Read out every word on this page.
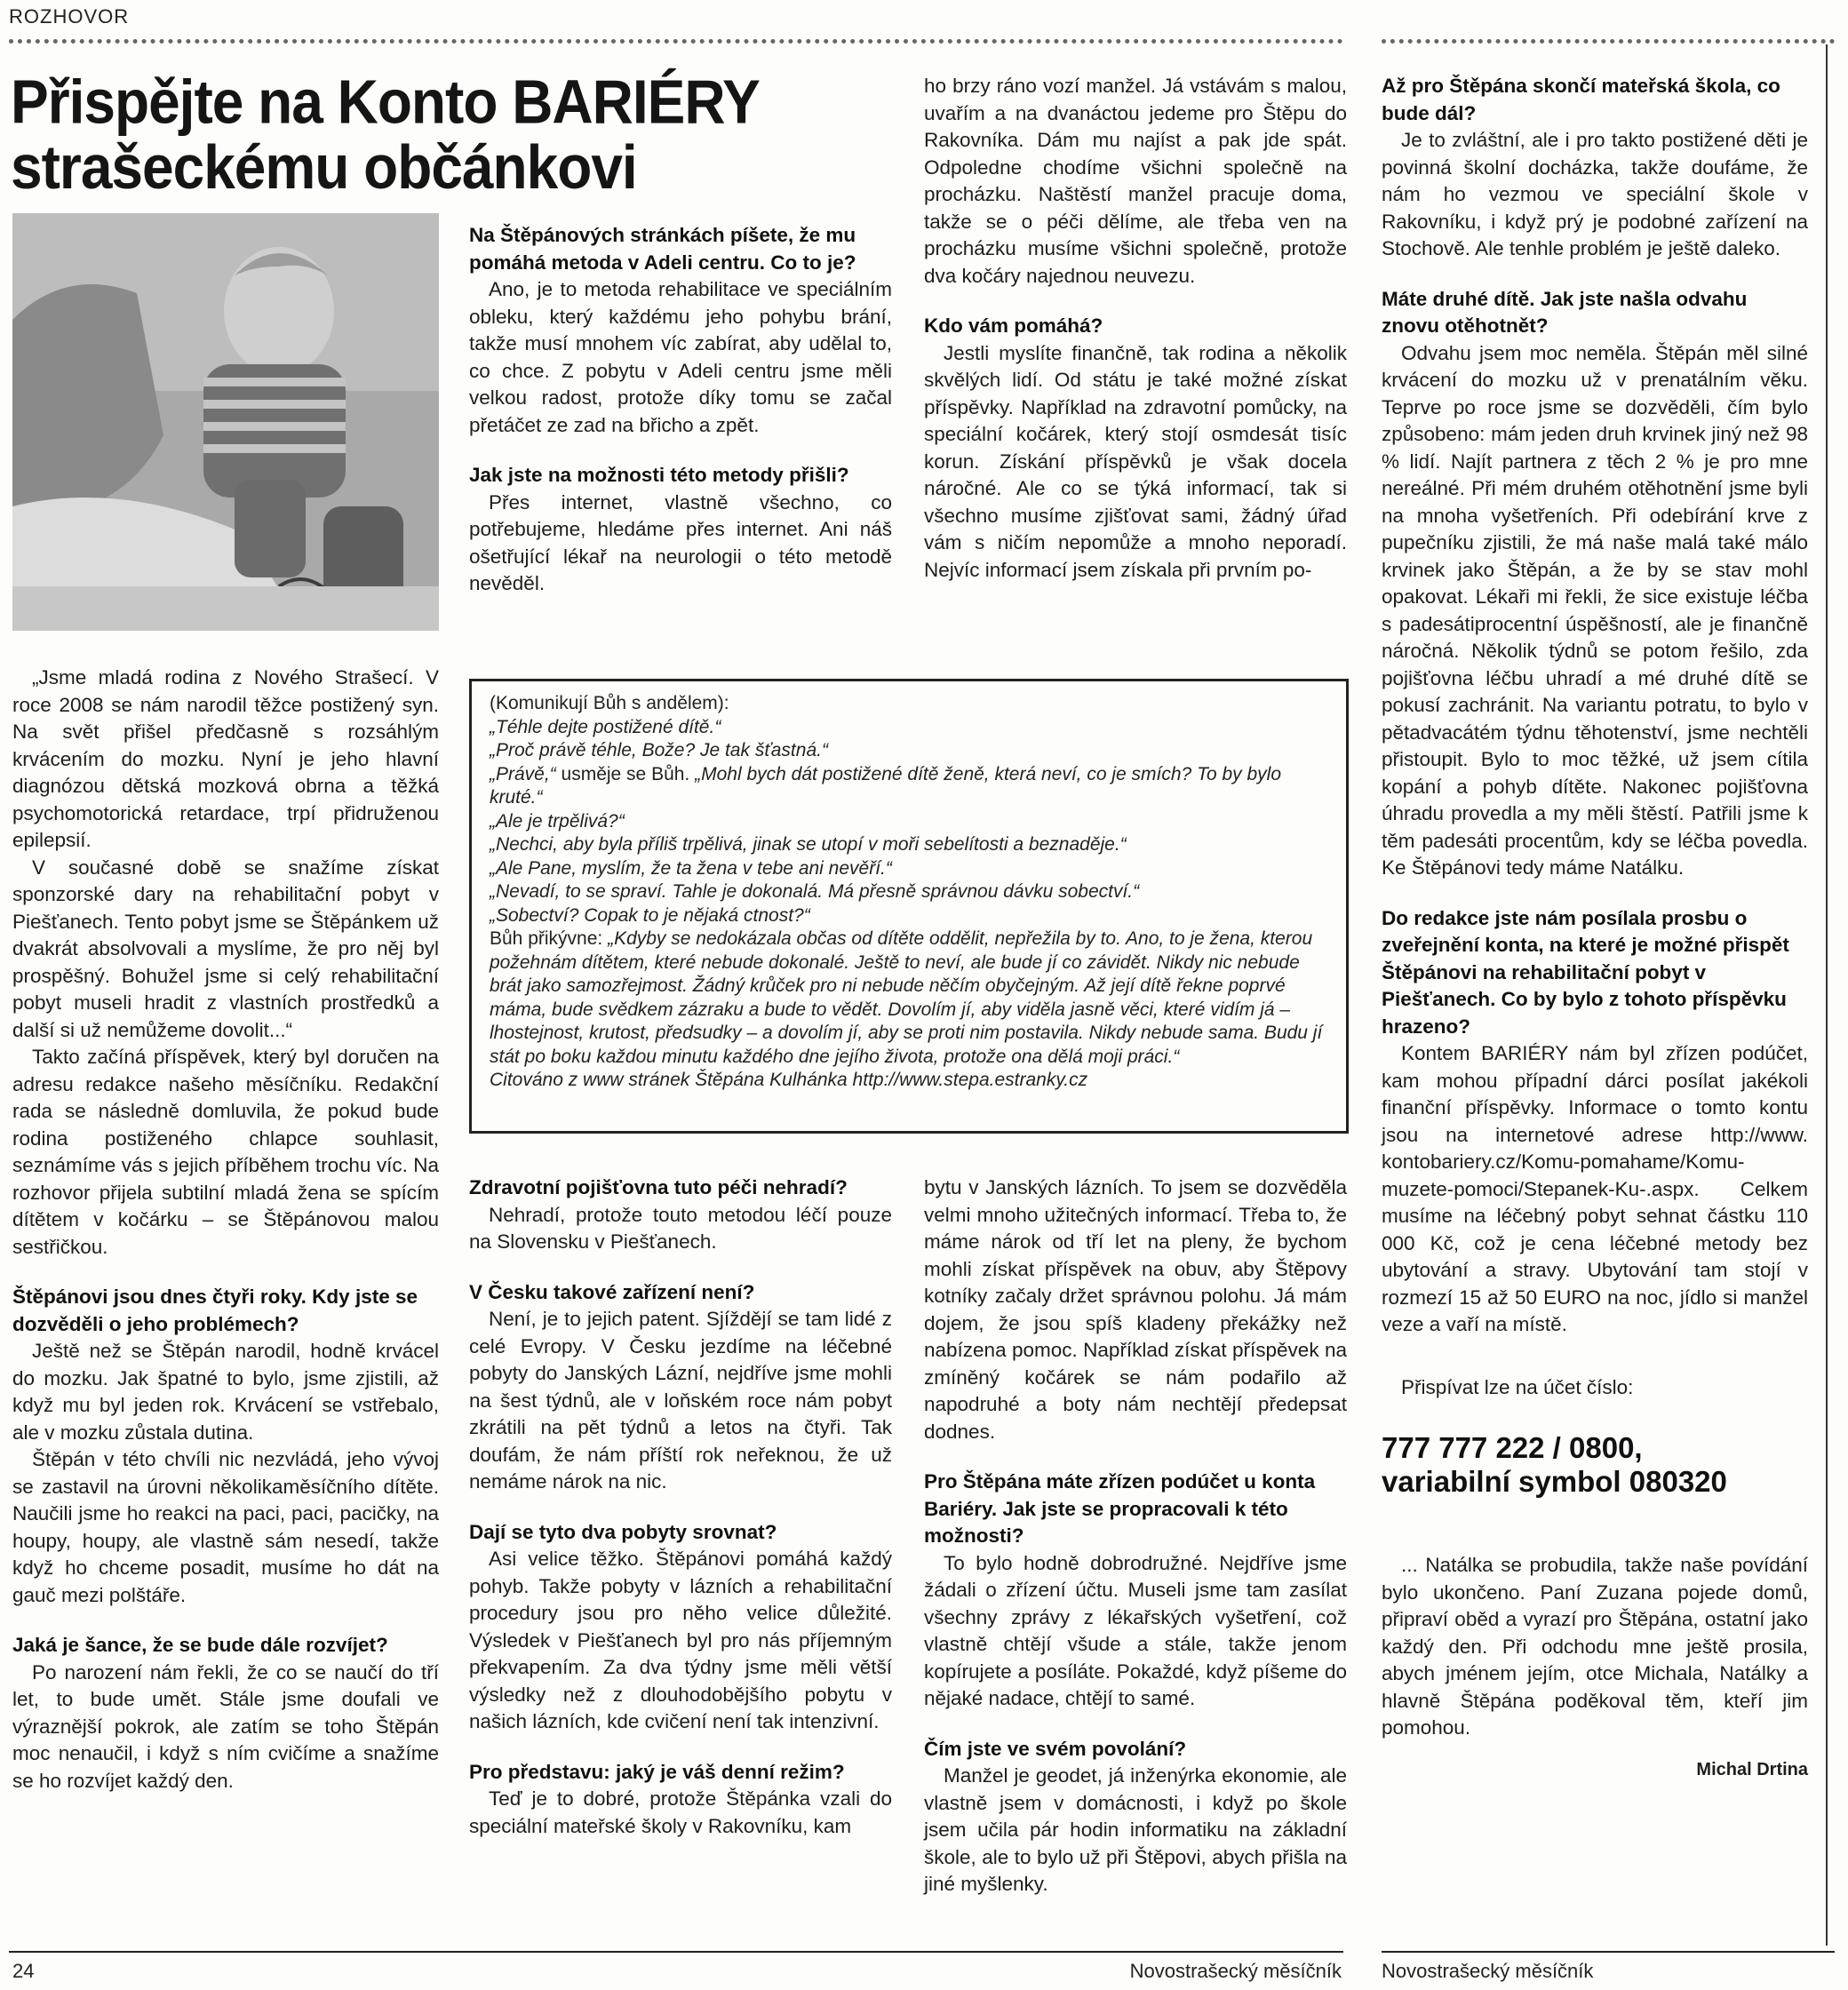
ROZHOVOR
Přispějte na Konto BARIÉRY
strašeckému občánkovi

„Jsme mladá rodina z Nového Strašecí. V roce 2008 se nám narodil těžce postižený syn. Na svět přišel předčasně s rozsáhlým krvácením do mozku. Nyní je jeho hlavní diagnózou dětská mozková obrna a těžká psychomotorická retardace, trpí přidruženou epilepsií.

V současné době se snažíme získat sponzorské dary na rehabilitační pobyt v Piešťanech. Tento pobyt jsme se Štěpánkem už dvakrát absolvovali a myslíme, že pro něj byl prospěšný. Bohužel jsme si celý rehabilitační pobyt museli hradit z vlastních prostředků a další si už nemůžeme dovolit...“

Takto začíná příspěvek, který byl doručen na adresu redakce našeho měsíčníku. Redakční rada se následně domluvila, že pokud bude rodina postiženého chlapce souhlasit, seznámíme vás s jejich příběhem trochu víc. Na rozhovor přijela subtilní mladá žena se spícím dítětem v kočárku – se Štěpánovou malou sestřičkou.

Štěpánovi jsou dnes čtyři roky. Kdy jste se dozvěděli o jeho problémech?

Ještě než se Štěpán narodil, hodně krvácel do mozku. Jak špatné to bylo, jsme zjistili, až když mu byl jeden rok. Krvácení se vstřebalo, ale v mozku zůstala dutina.

Štěpán v této chvíli nic nezvládá, jeho vývoj se zastavil na úrovni několikaměsíčního dítěte. Naučili jsme ho reakci na paci, paci, pacičky, na houpy, houpy, ale vlastně sám nesedí, takže když ho chceme posadit, musíme ho dát na gauč mezi polštáře.

Jaká je šance, že se bude dále rozvíjet?

Po narození nám řekli, že co se naučí do tří let, to bude umět. Stále jsme doufali ve výraznější pokrok, ale zatím se toho Štěpán moc nenaučil, i když s ním cvičíme a snažíme se ho rozvíjet každý den.

Na Štěpánových stránkách píšete, že mu pomáhá metoda v Adeli centru. Co to je?

Ano, je to metoda rehabilitace ve speciálním obleku, který každému jeho pohybu brání, takže musí mnohem víc zabírat, aby udělal to, co chce. Z pobytu v Adeli centru jsme měli velkou radost, protože díky tomu se začal přetáčet ze zad na břicho a zpět.

Jak jste na možnosti této metody přišli?

Přes internet, vlastně všechno, co potřebujeme, hledáme přes internet. Ani náš ošetřující lékař na neurologii o této metodě nevěděl.

ho brzy ráno vozí manžel. Já vstávám s malou, uvařím a na dvanáctou jedeme pro Štěpu do Rakovníka. Dám mu najíst a pak jde spát. Odpoledne chodíme všichni společně na procházku. Naštěstí manžel pracuje doma, takže se o péči dělíme, ale třeba ven na procházku musíme všichni společně, protože dva kočáry najednou neuvezu.

Kdo vám pomáhá?

Jestli myslíte finančně, tak rodina a několik skvělých lidí. Od státu je také možné získat příspěvky. Například na zdravotní pomůcky, na speciální kočárek, který stojí osmdesát tisíc korun. Získání příspěvků je však docela náročné. Ale co se týká informací, tak si všechno musíme zjišťovat sami, žádný úřad vám s ničím nepomůže a mnoho neporadí. Nejvíc informací jsem získala při prvním po-

(Komunikují Bůh s andělem):

„Téhle dejte postižené dítě.“

„Proč právě téhle, Bože? Je tak šťastná.“

„Právě,“ usměje se Bůh. „Mohl bych dát postižené dítě ženě, která neví, co je smích? To by bylo kruté.“

„Ale je trpělivá?“

„Nechci, aby byla příliš trpělivá, jinak se utopí v moři sebelítosti a beznaděje.“

„Ale Pane, myslím, že ta žena v tebe ani nevěří.“

„Nevadí, to se spraví. Tahle je dokonalá. Má přesně správnou dávku sobectví.“

„Sobectví? Copak to je nějaká ctnost?“

Bůh přikývne: „Kdyby se nedokázala občas od dítěte oddělit, nepřežila by to. Ano, to je žena, kterou požehnám dítětem, které nebude dokonalé. Ještě to neví, ale bude jí co závidět. Nikdy nic nebude brát jako samozřejmost. Žádný krůček pro ni nebude něčím obyčejným. Až její dítě řekne poprvé máma, bude svědkem zázraku a bude to vědět. Dovolím jí, aby viděla jasně věci, které vidím já – lhostejnost, krutost, předsudky – a dovolím jí, aby se proti nim postavila. Nikdy nebude sama. Budu jí stát po boku každou minutu každého dne jejího života, protože ona dělá moji práci.“

Citováno z www stránek Štěpána Kulhánka http://www.stepa.estranky.cz

Zdravotní pojišťovna tuto péči nehradí?

Nehradí, protože touto metodou léčí pouze na Slovensku v Piešťanech.

V Česku takové zařízení není?

Není, je to jejich patent. Sjíždějí se tam lidé z celé Evropy. V Česku jezdíme na léčebné pobyty do Janských Lázní, nejdříve jsme mohli na šest týdnů, ale v loňském roce nám pobyt zkrátili na pět týdnů a letos na čtyři. Tak doufám, že nám příští rok neřeknou, že už nemáme nárok na nic.

Dají se tyto dva pobyty srovnat?

Asi velice těžko. Štěpánovi pomáhá každý pohyb. Takže pobyty v lázních a rehabilitační procedury jsou pro něho velice důležité. Výsledek v Piešťanech byl pro nás příjemným překvapením. Za dva týdny jsme měli větší výsledky než z dlouhodobějšího pobytu v našich lázních, kde cvičení není tak intenzivní.

Pro představu: jaký je váš denní režim?

Teď je to dobré, protože Štěpánka vzali do speciální mateřské školy v Rakovníku, kam

bytu v Janských lázních. To jsem se dozvěděla velmi mnoho užitečných informací. Třeba to, že máme nárok od tří let na pleny, že bychom mohli získat příspěvek na obuv, aby Štěpovy kotníky začaly držet správnou polohu. Já mám dojem, že jsou spíš kladeny překážky než nabízena pomoc. Například získat příspěvek na zmíněný kočárek se nám podařilo až napodruhé a boty nám nechtějí předepsat dodnes.

Pro Štěpána máte zřízen podúčet u konta Bariéry. Jak jste se propracovali k této možnosti?

To bylo hodně dobrodružné. Nejdříve jsme žádali o zřízení účtu. Museli jsme tam zasílat všechny zprávy z lékařských vyšetření, což vlastně chtějí všude a stále, takže jenom kopírujete a posíláte. Pokaždé, když píšeme do nějaké nadace, chtějí to samé.

Čím jste ve svém povolání?

Manžel je geodet, já inženýrka ekonomie, ale vlastně jsem v domácnosti, i když po škole jsem učila pár hodin informatiku na základní škole, ale to bylo už při Štěpovi, abych přišla na jiné myšlenky.

Až pro Štěpána skončí mateřská škola, co bude dál?

Je to zvláštní, ale i pro takto postižené děti je povinná školní docházka, takže doufáme, že nám ho vezmou ve speciální škole v Rakovníku, i když prý je podobné zařízení na Stochově. Ale tenhle problém je ještě daleko.

Máte druhé dítě. Jak jste našla odvahu znovu otěhotnět?

Odvahu jsem moc neměla. Štěpán měl silné krvácení do mozku už v prenatálním věku. Teprve po roce jsme se dozvěděli, čím bylo způsobeno: mám jeden druh krvinek jiný než 98 % lidí. Najít partnera z těch 2 % je pro mne nereálné. Při mém druhém otěhotnění jsme byli na mnoha vyšetřeních. Při odebírání krve z pupečníku zjistili, že má naše malá také málo krvinek jako Štěpán, a že by se stav mohl opakovat. Lékaři mi řekli, že sice existuje léčba s padesátiprocentní úspěšností, ale je finančně náročná. Několik týdnů se potom řešilo, zda pojišťovna léčbu uhradí a mé druhé dítě se pokusí zachránit. Na variantu potratu, to bylo v pětadvacátém týdnu těhotenství, jsme nechtěli přistoupit. Bylo to moc těžké, už jsem cítila kopání a pohyb dítěte. Nakonec pojišťovna úhradu provedla a my měli štěstí. Patřili jsme k těm padesáti procentům, kdy se léčba povedla. Ke Štěpánovi tedy máme Natálku.

Do redakce jste nám posílala prosbu o zveřejnění konta, na které je možné přispět Štěpánovi na rehabilitační pobyt v Piešťanech. Co by bylo z tohoto příspěvku hrazeno?

Kontem BARIÉRY nám byl zřízen podúčet, kam mohou případní dárci posílat jakékoli finanční příspěvky. Informace o tomto kontu jsou na internetové adrese http://www. kontobariery.cz/Komu-pomahame/Komu-muzete-pomoci/Stepanek-Ku-.aspx. Celkem musíme na léčebný pobyt sehnat částku 110 000 Kč, což je cena léčebné metody bez ubytování a stravy. Ubytování tam stojí v rozmezí 15 až 50 EURO na noc, jídlo si manžel veze a vaří na místě.

Přispívat lze na účet číslo:

777 777 222 / 0800,
variabilní symbol 080320

... Natálka se probudila, takže naše povídání bylo ukončeno. Paní Zuzana pojede domů, připraví oběd a vyrazí pro Štěpána, ostatní jako každý den. Při odchodu mne ještě prosila, abych jménem jejím, otce Michala, Natálky a hlavně Štěpána poděkoval těm, kteří jim pomohou.

Michal Drtina
24	Novostrašecký měsíčník Novostrašecký měsíčník
